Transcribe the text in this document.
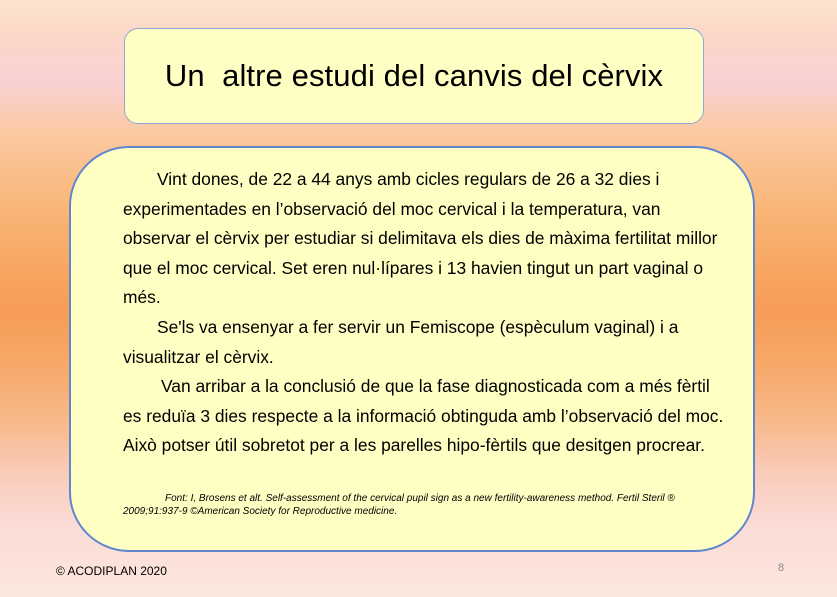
Un  altre estudi del canvis del cèrvix

Vint dones, de 22 a 44 anys amb cicles regulars de 26 a 32 dies i experimentades en l’observació del moc cervical i la temperatura, van observar el cèrvix per estudiar si delimitava els dies de màxima fertilitat millor que el moc cervical. Set eren nul·lípares i 13 havien tingut un part vaginal o més.

Se'ls va ensenyar a fer servir un Femiscope (espèculum vaginal) i a visualitzar el cèrvix.

Van arribar a la conclusió de que la fase diagnosticada com a més fèrtil es reduïa 3 dies respecte a la informació obtinguda amb l’observació del moc. Això potser útil sobretot per a les parelles hipo-fèrtils que desitgen procrear.

Font: I, Brosens et alt. Self-assessment of the cervical pupil sign as a new fertility-awareness method. Fertil Steril ®
2009;91:937-9 ©American Society for Reproductive medicine.

© ACODIPLAN 2020	8
